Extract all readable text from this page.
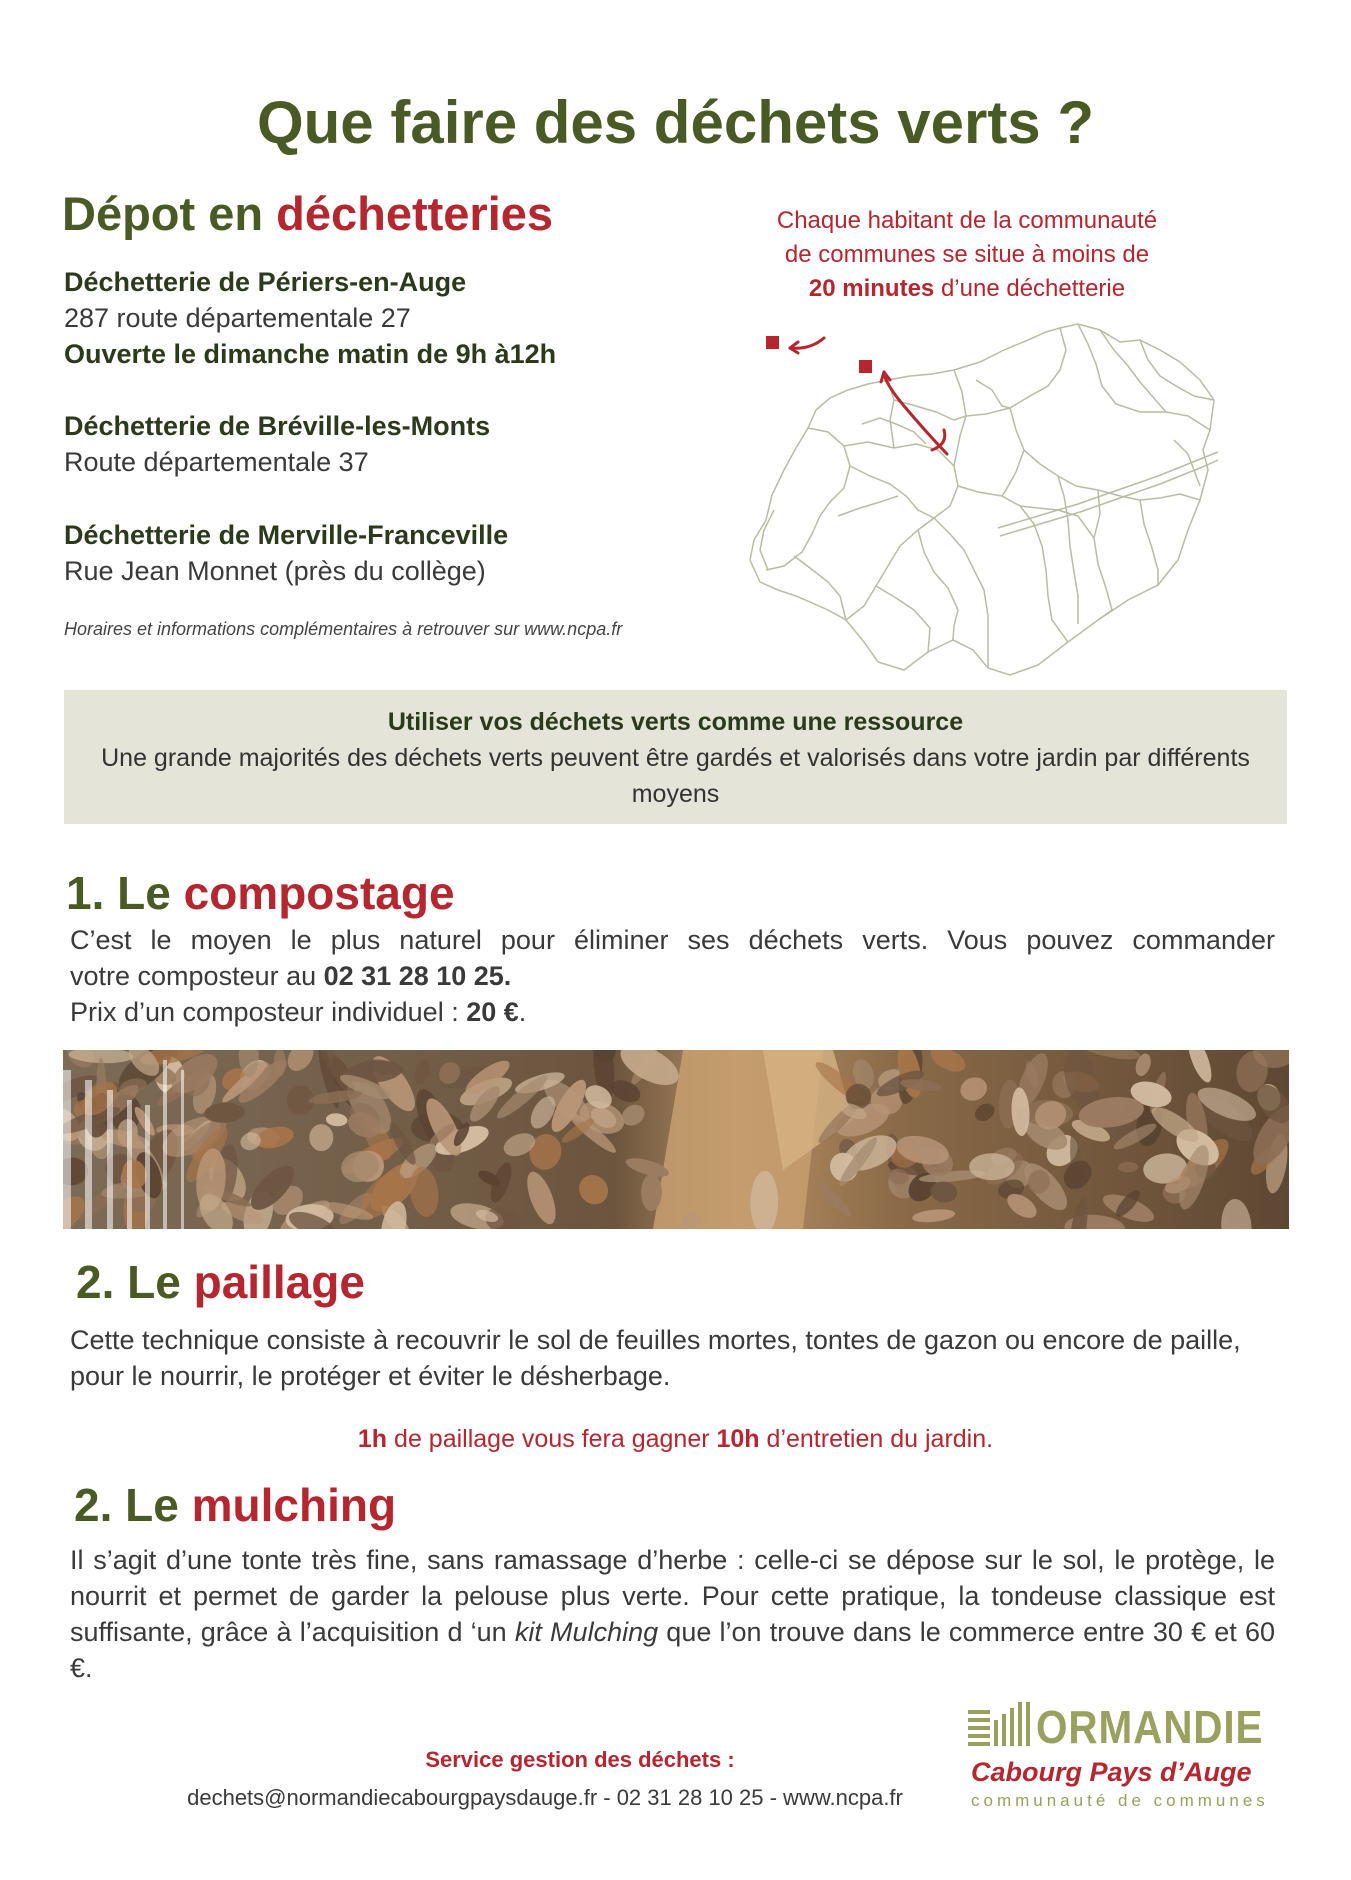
Que faire des déchets verts ?
Dépot en déchetteries
Déchetterie de Périers-en-Auge
287 route départementale 27
Ouverte le dimanche matin de 9h à12h
Déchetterie de Bréville-les-Monts
Route départementale 37
Déchetterie de Merville-Franceville
Rue Jean Monnet (près du collège)
Horaires et informations complémentaires à retrouver sur www.ncpa.fr
Chaque habitant de la communauté
de communes se situe à moins de
20 minutes d’une déchetterie
Utiliser vos déchets verts comme une ressource
Une grande majorités des déchets verts peuvent être gardés et valorisés dans votre jardin par différents moyens
1. Le compostage
C’est le moyen le plus naturel pour éliminer ses déchets verts. Vous pouvez commander
votre composteur au 02 31 28 10 25.
Prix d’un composteur individuel : 20 €.
2. Le paillage
Cette technique consiste à recouvrir le sol de feuilles mortes, tontes de gazon ou encore de paille, pour le nourrir, le protéger et éviter le désherbage.
1h de paillage vous fera gagner 10h d’entretien du jardin.
2. Le mulching
Il s’agit d’une tonte très fine, sans ramassage d’herbe : celle-ci se dépose sur le sol, le protège, le nourrit et permet de garder la pelouse plus verte. Pour cette pratique, la tondeuse classique est suffisante, grâce à l’acquisition d ‘un kit Mulching que l’on trouve dans le commerce entre 30 € et 60 €.
Service gestion des déchets :
dechets@normandiecabourgpaysdauge.fr - 02 31 28 10 25 - www.ncpa.fr
ORMANDIE
Cabourg Pays d’Auge
communauté de communes
